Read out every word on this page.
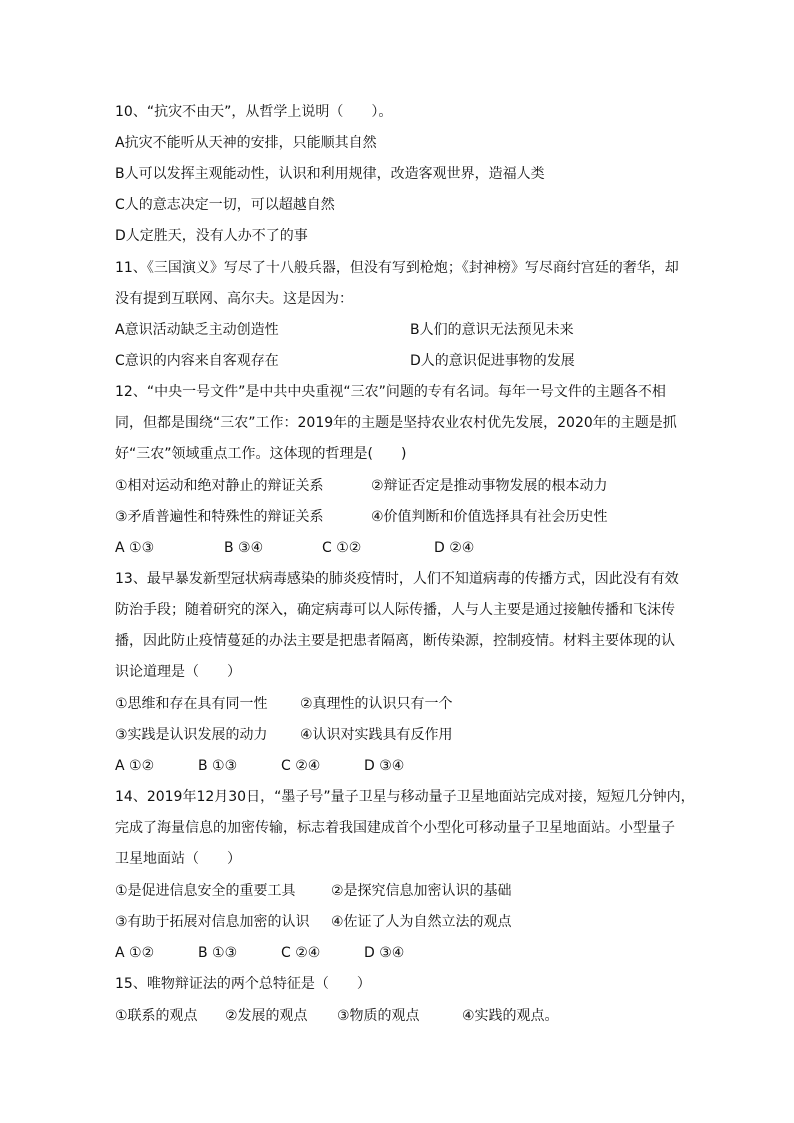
10、“抗灾不由天”，从哲学上说明（　　）。
A抗灾不能听从天神的安排，只能顺其自然
B人可以发挥主观能动性，认识和利用规律，改造客观世界，造福人类
C人的意志决定一切，可以超越自然
D人定胜天，没有人办不了的事
11、《三国演义》写尽了十八般兵器，但没有写到枪炮；《封神榜》写尽商纣宫廷的奢华，却
没有提到互联网、高尔夫。这是因为：
A意识活动缺乏主动创造性	B人们的意识无法预见未来
C意识的内容来自客观存在	D人的意识促进事物的发展
12、“中央一号文件”是中共中央重视“三农”问题的专有名词。每年一号文件的主题各不相
同，但都是围绕“三农”工作：2019年的主题是坚持农业农村优先发展，2020年的主题是抓
好“三农”领域重点工作。这体现的哲理是(　　)
①相对运动和绝对静止的辩证关系	②辩证否定是推动事物发展的根本动力
③矛盾普遍性和特殊性的辩证关系	④价值判断和价值选择具有社会历史性
A ①③	B ③④	C ①②	D ②④
13、最早暴发新型冠状病毒感染的肺炎疫情时，人们不知道病毒的传播方式，因此没有有效
防治手段；随着研究的深入，确定病毒可以人际传播，人与人主要是通过接触传播和飞沫传
播，因此防止疫情蔓延的办法主要是把患者隔离，断传染源，控制疫情。材料主要体现的认
识论道理是（　　）
①思维和存在具有同一性 ②真理性的认识只有一个
③实践是认识发展的动力 ④认识对实践具有反作用
A ①②	B ①③	C ②④	D ③④
14、2019年12月30日，“墨子号”量子卫星与移动量子卫星地面站完成对接，短短几分钟内，
完成了海量信息的加密传输，标志着我国建成首个小型化可移动量子卫星地面站。小型量子
卫星地面站（　　）
①是促进信息安全的重要工具	②是探究信息加密认识的基础
③有助于拓展对信息加密的认识 ④佐证了人为自然立法的观点
A ①②	B ①③	C ②④	D ③④
15、唯物辩证法的两个总特征是（　　）
①联系的观点 ②发展的观点 ③物质的观点	④实践的观点。
